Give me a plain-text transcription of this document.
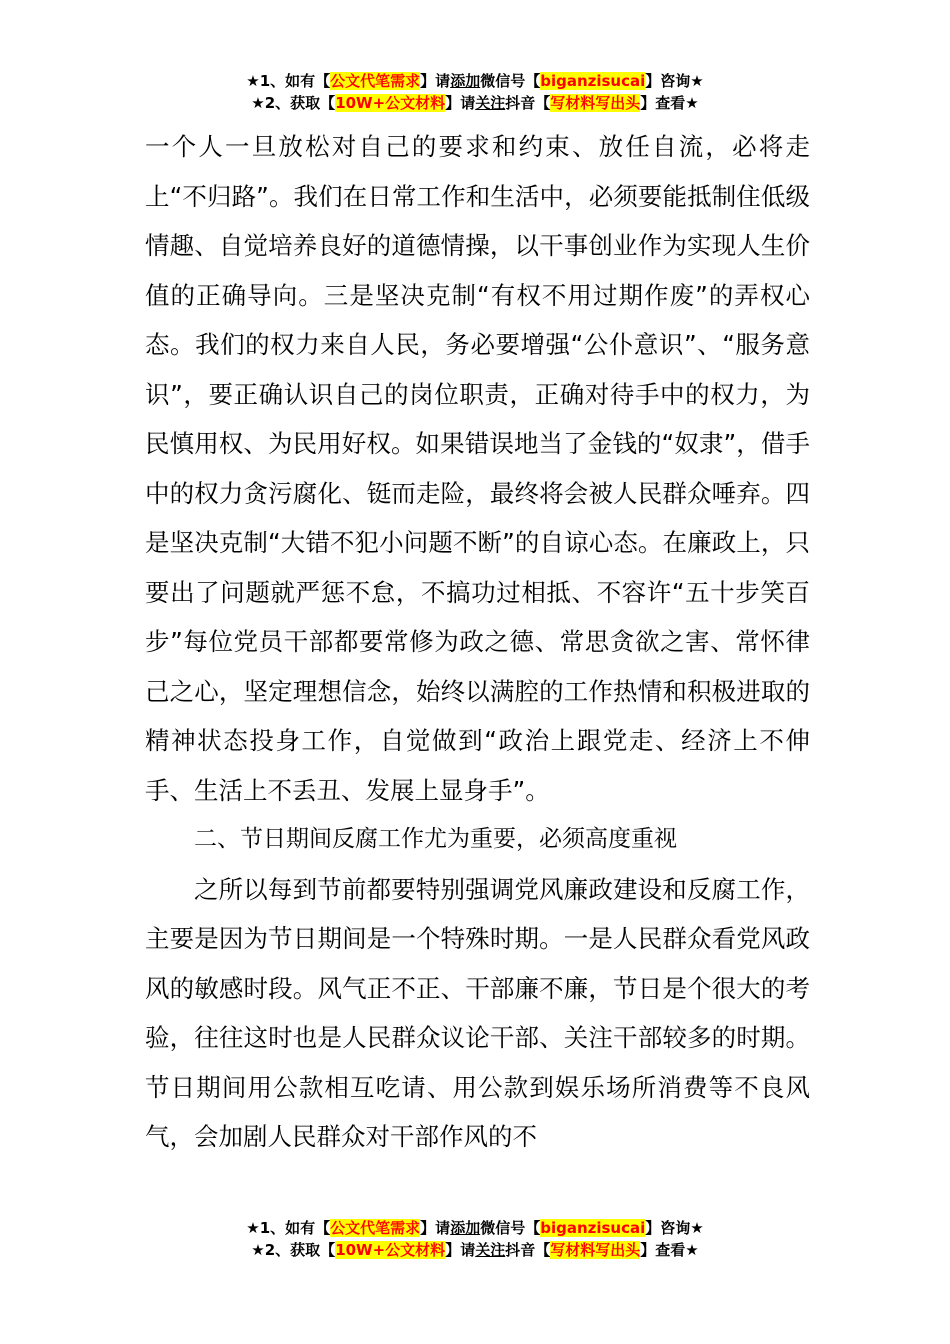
★1、如有【公文代笔需求】请添加微信号【biganzisucai】咨询★
★2、获取【10W+公文材料】请关注抖音【写材料写出头】查看★

一个人一旦放松对自己的要求和约束、放任自流，必将走上“不归路”。我们在日常工作和生活中，必须要能抵制住低级情趣、自觉培养良好的道德情操，以干事创业作为实现人生价值的正确导向。三是坚决克制“有权不用过期作废”的弄权心态。我们的权力来自人民，务必要增强“公仆意识”、“服务意识”，要正确认识自己的岗位职责，正确对待手中的权力，为民慎用权、为民用好权。如果错误地当了金钱的“奴隶”，借手中的权力贪污腐化、铤而走险，最终将会被人民群众唾弃。四是坚决克制“大错不犯小问题不断”的自谅心态。在廉政上，只要出了问题就严惩不怠，不搞功过相抵、不容许“五十步笑百步”每位党员干部都要常修为政之德、常思贪欲之害、常怀律己之心，坚定理想信念，始终以满腔的工作热情和积极进取的精神状态投身工作，自觉做到“政治上跟党走、经济上不伸手、生活上不丢丑、发展上显身手”。

二、节日期间反腐工作尤为重要，必须高度重视

之所以每到节前都要特别强调党风廉政建设和反腐工作，主要是因为节日期间是一个特殊时期。一是人民群众看党风政风的敏感时段。风气正不正、干部廉不廉，节日是个很大的考验，往往这时也是人民群众议论干部、关注干部较多的时期。节日期间用公款相互吃请、用公款到娱乐场所消费等不良风气，会加剧人民群众对干部作风的不

★1、如有【公文代笔需求】请添加微信号【biganzisucai】咨询★
★2、获取【10W+公文材料】请关注抖音【写材料写出头】查看★
